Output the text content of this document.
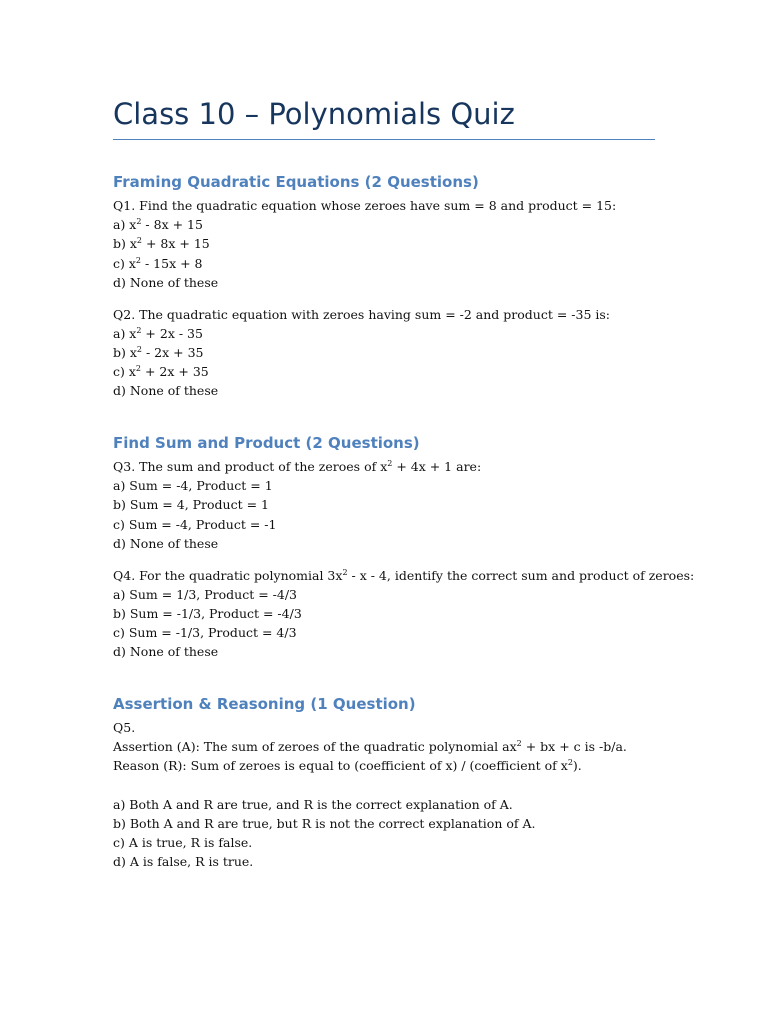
Class 10 – Polynomials Quiz
Framing Quadratic Equations (2 Questions)
Q1. Find the quadratic equation whose zeroes have sum = 8 and product = 15:
a) $x^2 - 8x + 15$
b) $x^2 + 8x + 15$
c) $x^2 - 15x + 8$
d) None of these
Q2. The quadratic equation with zeroes having sum = -2 and product = -35 is:
a) $x^2 + 2x - 35$
b) $x^2 - 2x + 35$
c) $x^2 + 2x + 35$
d) None of these
Find Sum and Product (2 Questions)
Q3. The sum and product of the zeroes of $x^2 + 4x + 1$ are:
a) Sum = -4, Product = 1
b) Sum = 4, Product = 1
c) Sum = -4, Product = -1
d) None of these
Q4. For the quadratic polynomial $3x^2$ - x - 4, identify the correct sum and product of zeroes:
a) Sum = 1/3, Product = -4/3
b) Sum = -1/3, Product = -4/3
c) Sum = -1/3, Product = 4/3
d) None of these
Assertion & Reasoning (1 Question)
Q5.
Assertion (A): The sum of zeroes of the quadratic polynomial $ax^2$ + bx + c is -b/a.
Reason (R): Sum of zeroes is equal to (coefficient of x) / (coefficient of $x^2$).
a) Both A and R are true, and R is the correct explanation of A.
b) Both A and R are true, but R is not the correct explanation of A.
c) A is true, R is false.
d) A is false, R is true.
